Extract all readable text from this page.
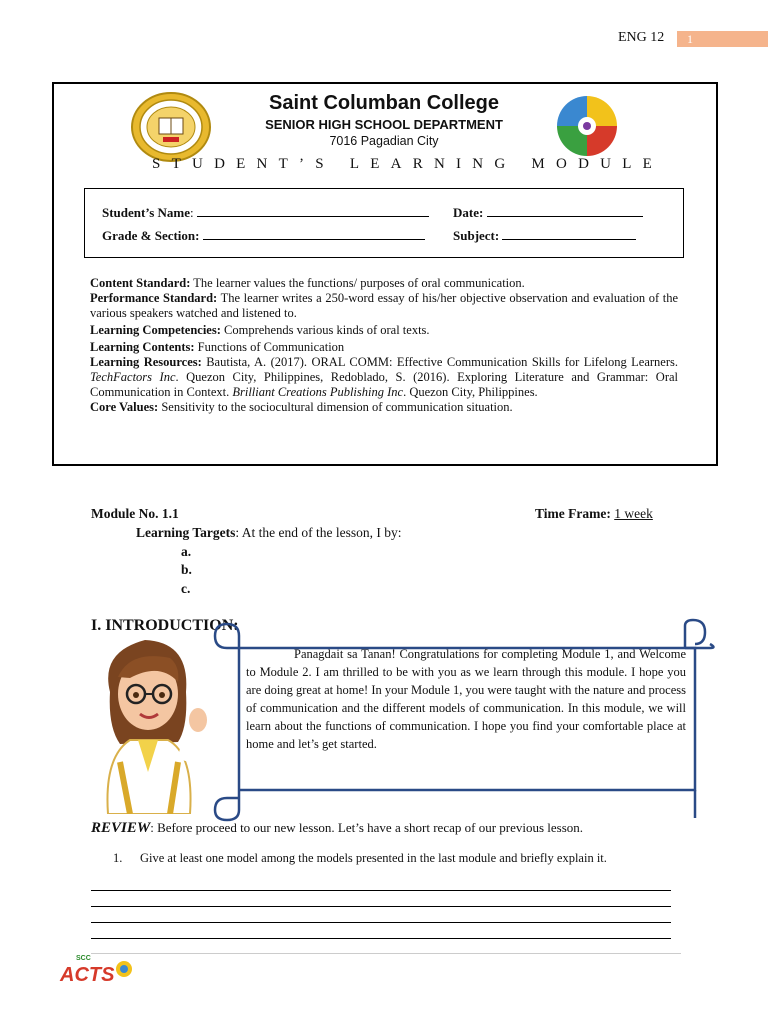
ENG 12	1
Saint Columban College
SENIOR HIGH SCHOOL DEPARTMENT
7016 Pagadian City
S T U D E N T ’ S
L E A R N I N G
M O D U L E
Student’s Name:	Date:
Grade & Section:	Subject:

Content Standard: The learner values the functions/ purposes of oral communication.

Performance Standard: The learner writes a 250-word essay of his/her objective observation and evaluation of the various speakers watched and listened to.

Learning Competencies: Comprehends various kinds of oral texts.

Learning Contents: Functions of Communication

Learning Resources: Bautista, A. (2017). ORAL COMM: Effective Communication Skills for Lifelong Learners. TechFactors Inc. Quezon City, Philippines, Redoblado, S. (2016). Exploring Literature and Grammar: Oral Communication in Context. Brilliant Creations Publishing Inc. Quezon City, Philippines.

Core Values: Sensitivity to the sociocultural dimension of communication situation.

Module No. 1.1	Time Frame: 1 week
Learning Targets: At the end of the lesson, I by:
a.
b.
c.
I. INTRODUCTION:

Panagdait sa Tanan! Congratulations for completing Module 1, and Welcome to Module 2. I am thrilled to be with you as we learn through this module. I hope you are doing great at home! In your Module 1, you were taught with the nature and process of communication and the different models of communication. In this module, we will learn about the functions of communication. I hope you find your comfortable place at home and let’s get started.

REVIEW: Before proceed to our new lesson. Let’s have a short recap of our previous lesson.
1.	Give at least one model among the models presented in the last module and briefly explain it.
SCC
ACTS
